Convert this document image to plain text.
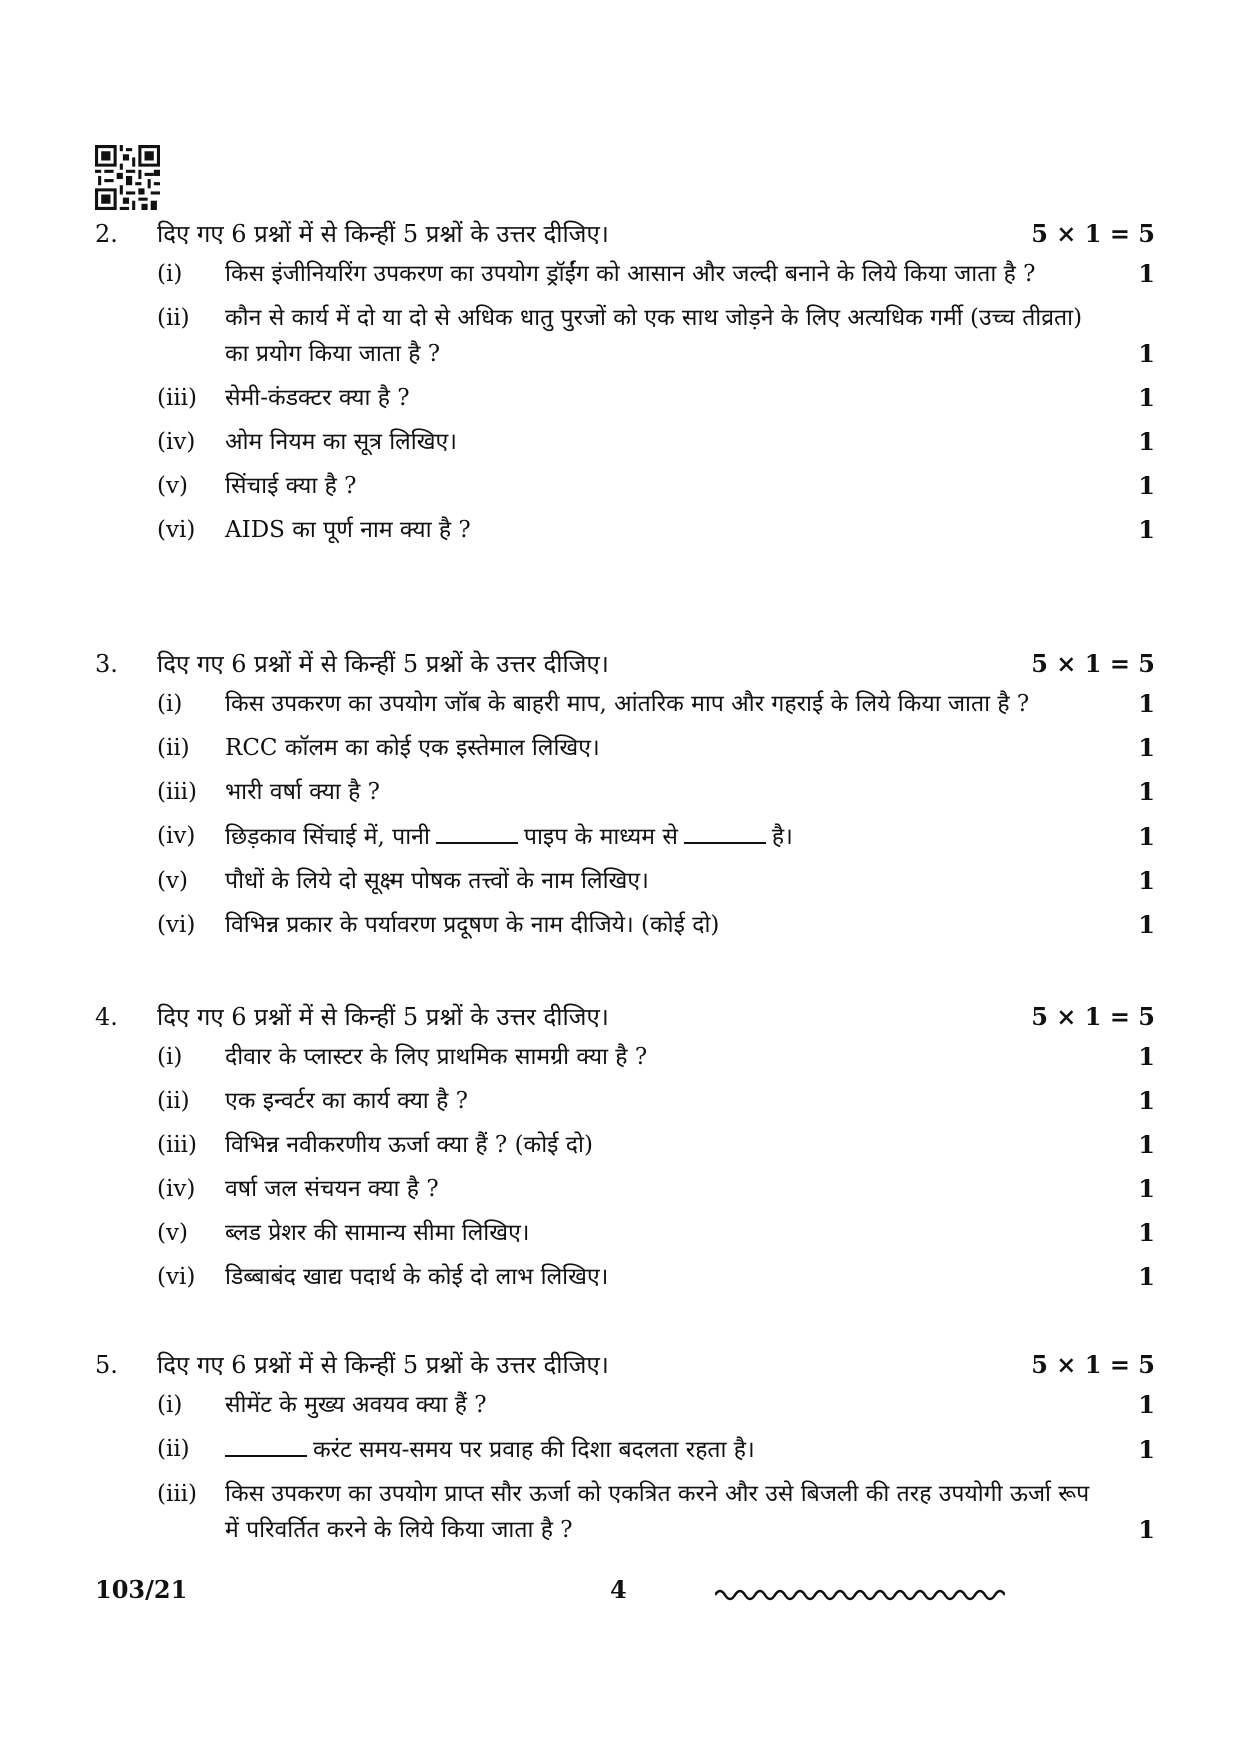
2. दिए गए 6 प्रश्नों में से किन्हीं 5 प्रश्नों के उत्तर दीजिए।	5 × 1 = 5
(i) किस इंजीनियरिंग उपकरण का उपयोग ड्रॉईंग को आसान और जल्दी बनाने के लिये किया जाता है ?	1
(ii) कौन से कार्य में दो या दो से अधिक धातु पुरजों को एक साथ जोड़ने के लिए अत्यधिक गर्मी (उच्च तीव्रता) का प्रयोग किया जाता है ?	1
(iii) सेमी-कंडक्टर क्या है ?	1
(iv) ओम नियम का सूत्र लिखिए।	1
(v) सिंचाई क्या है ?	1
(vi) AIDS का पूर्ण नाम क्या है ?	1
3. दिए गए 6 प्रश्नों में से किन्हीं 5 प्रश्नों के उत्तर दीजिए।	5 × 1 = 5
(i) किस उपकरण का उपयोग जॉब के बाहरी माप, आंतरिक माप और गहराई के लिये किया जाता है ?	1
(ii) RCC कॉलम का कोई एक इस्तेमाल लिखिए।	1
(iii) भारी वर्षा क्या है ?	1
(iv) छिड़काव सिंचाई में, पानी	पाइप के माध्यम से	है।	1
(v) पौधों के लिये दो सूक्ष्म पोषक तत्त्वों के नाम लिखिए।	1
(vi) विभिन्न प्रकार के पर्यावरण प्रदूषण के नाम दीजिये। (कोई दो)	1
4. दिए गए 6 प्रश्नों में से किन्हीं 5 प्रश्नों के उत्तर दीजिए।	5 × 1 = 5
(i) दीवार के प्लास्टर के लिए प्राथमिक सामग्री क्या है ?	1
(ii) एक इन्वर्टर का कार्य क्या है ?	1
(iii) विभिन्न नवीकरणीय ऊर्जा क्या हैं ? (कोई दो)	1
(iv) वर्षा जल संचयन क्या है ?	1
(v) ब्लड प्रेशर की सामान्य सीमा लिखिए।	1
(vi) डिब्बाबंद खाद्य पदार्थ के कोई दो लाभ लिखिए।	1
5. दिए गए 6 प्रश्नों में से किन्हीं 5 प्रश्नों के उत्तर दीजिए।	5 × 1 = 5
(i) सीमेंट के मुख्य अवयव क्या हैं ?	1
(ii)	करंट समय-समय पर प्रवाह की दिशा बदलता रहता है।	1
(iii) किस उपकरण का उपयोग प्राप्त सौर ऊर्जा को एकत्रित करने और उसे बिजली की तरह उपयोगी ऊर्जा रूप में परिवर्तित करने के लिये किया जाता है ?	1
103/21	4
